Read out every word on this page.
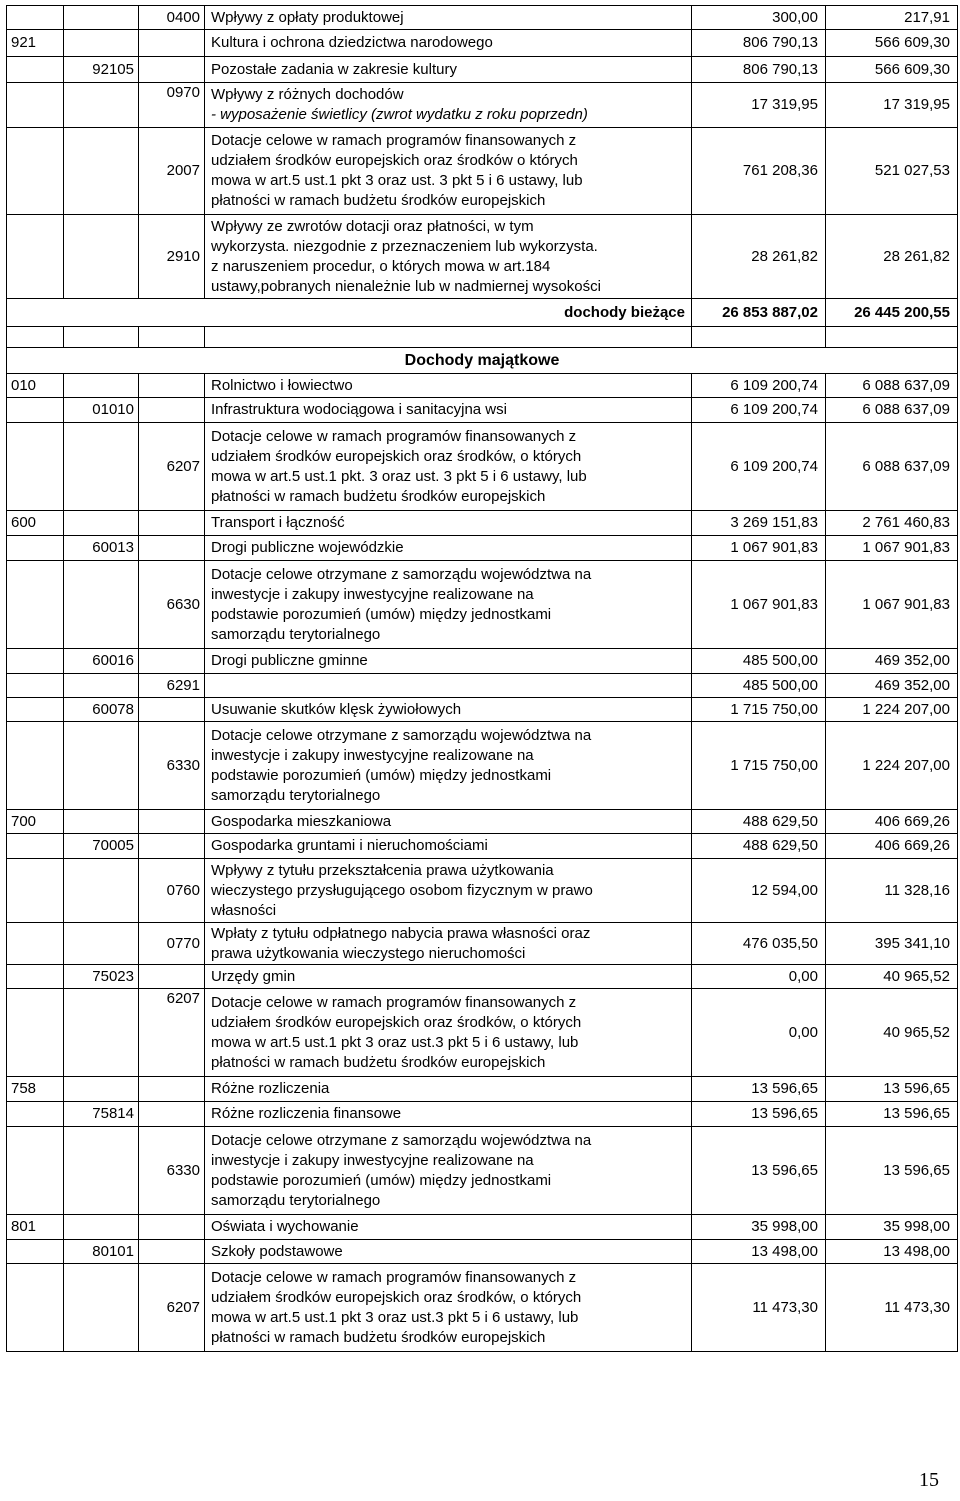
		0400	Wpływy z opłaty produktowej	300,00	217,91
921			Kultura i ochrona dziedzictwa narodowego	806 790,13	566 609,30
	92105		Pozostałe zadania w zakresie kultury	806 790,13	566 609,30
		0970	Wpływy z różnych dochodów
- wyposażenie świetlicy (zwrot wydatku z roku poprzedn)	17 319,95	17 319,95
		2007	Dotacje celowe w ramach programów finansowanych z
udziałem środków europejskich oraz środków o których
mowa w art.5 ust.1 pkt 3 oraz ust. 3 pkt 5 i 6 ustawy, lub
płatności w ramach budżetu środków europejskich	761 208,36	521 027,53
		2910	Wpływy ze zwrotów dotacji oraz płatności, w tym
wykorzysta. niezgodnie z przeznaczeniem lub wykorzysta.
z naruszeniem procedur, o których mowa w art.184
ustawy,pobranych nienależnie lub w nadmiernej wysokości	28 261,82	28 261,82
dochody bieżące				26 853 887,02	26 445 200,55

Dochody majątkowe					
010			Rolnictwo i łowiectwo	6 109 200,74	6 088 637,09
	01010		Infrastruktura wodociągowa i sanitacyjna wsi	6 109 200,74	6 088 637,09
		6207	Dotacje celowe w ramach programów finansowanych z
udziałem środków europejskich oraz środków, o których
mowa w art.5 ust.1 pkt. 3 oraz ust. 3 pkt 5 i 6 ustawy, lub
płatności w ramach budżetu środków europejskich	6 109 200,74	6 088 637,09
600			Transport i łączność	3 269 151,83	2 761 460,83
	60013		Drogi publiczne wojewódzkie	1 067 901,83	1 067 901,83
		6630	Dotacje celowe otrzymane z samorządu województwa na
inwestycje i zakupy inwestycyjne realizowane na
podstawie porozumień (umów) między jednostkami
samorządu terytorialnego	1 067 901,83	1 067 901,83
	60016		Drogi publiczne gminne	485 500,00	469 352,00
		6291		485 500,00	469 352,00
	60078		Usuwanie skutków klęsk żywiołowych	1 715 750,00	1 224 207,00
		6330	Dotacje celowe otrzymane z samorządu województwa na
inwestycje i zakupy inwestycyjne realizowane na
podstawie porozumień (umów) między jednostkami
samorządu terytorialnego	1 715 750,00	1 224 207,00
700			Gospodarka mieszkaniowa	488 629,50	406 669,26
	70005		Gospodarka gruntami i nieruchomościami	488 629,50	406 669,26
		0760	Wpływy z tytułu przekształcenia prawa użytkowania
wieczystego przysługującego osobom fizycznym w prawo
własności	12 594,00	11 328,16
		0770	Wpłaty z tytułu odpłatnego nabycia prawa własności oraz
prawa użytkowania wieczystego nieruchomości	476 035,50	395 341,10
	75023		Urzędy gmin	0,00	40 965,52
		6207	Dotacje celowe w ramach programów finansowanych z
udziałem środków europejskich oraz środków, o których
mowa w art.5 ust.1 pkt 3 oraz ust.3 pkt 5 i 6 ustawy, lub
płatności w ramach budżetu środków europejskich	0,00	40 965,52
758			Różne rozliczenia	13 596,65	13 596,65
	75814		Różne rozliczenia finansowe	13 596,65	13 596,65
		6330	Dotacje celowe otrzymane z samorządu województwa na
inwestycje i zakupy inwestycyjne realizowane na
podstawie porozumień (umów) między jednostkami
samorządu terytorialnego	13 596,65	13 596,65
801			Oświata i wychowanie	35 998,00	35 998,00
	80101		Szkoły podstawowe	13 498,00	13 498,00
		6207	Dotacje celowe w ramach programów finansowanych z
udziałem środków europejskich oraz środków, o których
mowa w art.5 ust.1 pkt 3 oraz ust.3 pkt 5 i 6 ustawy, lub
płatności w ramach budżetu środków europejskich	11 473,30	11 473,30
15
